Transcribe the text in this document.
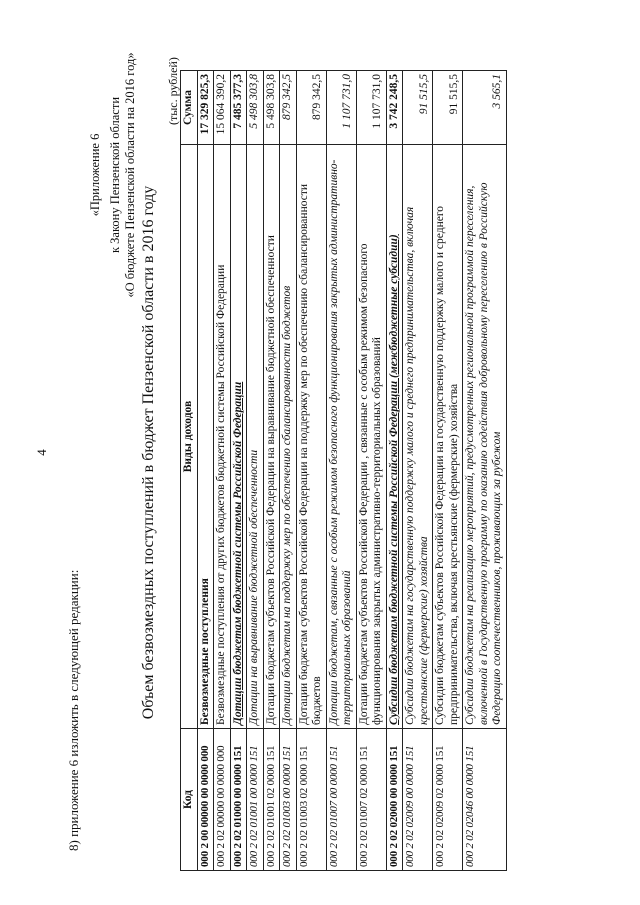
4
8) приложение 6 изложить в следующей редакции:
«Приложение 6 к Закону Пензенской области «О бюджете Пензенской области на 2016 год»
Объем безвозмездных поступлений в бюджет Пензенской области в 2016 году
(тыс. рублей)
Код	Виды доходов	Сумма
000 2 00 00000 00 0000 000	Безвозмездные поступления	17 329 825,3
000 2 02 00000 00 0000 000	Безвозмездные поступления от других бюджетов бюджетной системы Российской Федерации	15 064 390,2
000 2 02 01000 00 0000 151	Дотации бюджетам бюджетной системы Российской Федерации	7 485 377,3
000 2 02 01001 00 0000 151	Дотации на выравнивание бюджетной обеспеченности	5 498 303,8
000 2 02 01001 02 0000 151	Дотации бюджетам субъектов Российской Федерации на выравнивание бюджетной обеспеченности	5 498 303,8
000 2 02 01003 00 0000 151	Дотации бюджетам на поддержку мер по обеспечению сбалансированности бюджетов	879 342,5
000 2 02 01003 02 0000 151	Дотации бюджетам субъектов Российской Федерации на поддержку мер по обеспечению сбалансированности бюджетов	879 342,5
000 2 02 01007 00 0000 151	Дотации бюджетам, связанные с особым режимом безопасного функционирования закрытых административно-территориальных образований	1 107 731,0
000 2 02 01007 02 0000 151	Дотации бюджетам субъектов Российской Федерации , связанные с особым режимом безопасного функционирования закрытых административно-территориальных образований	1 107 731,0
000 2 02 02000 00 0000 151	Субсидии бюджетам бюджетной системы Российской Федерации (межбюджетные субсидии)	3 742 248,5
000 2 02 02009 00 0000 151	Субсидии бюджетам на государственную поддержку малого и среднего предпринимательства, включая крестьянские (фермерские) хозяйства	91 515,5
000 2 02 02009 02 0000 151	Субсидии бюджетам субъектов Российской Федерации на государственную поддержку малого и среднего предпринимательства, включая крестьянские (фермерские) хозяйства	91 515,5
000 2 02 02046 00 0000 151	Субсидии бюджетам на реализацию мероприятий, предусмотренных региональной программой переселения, включенной в Государственную программу по оказанию содействия добровольному переселению в Российскую Федерацию соотечественников, проживающих за рубежом	3 565,1
